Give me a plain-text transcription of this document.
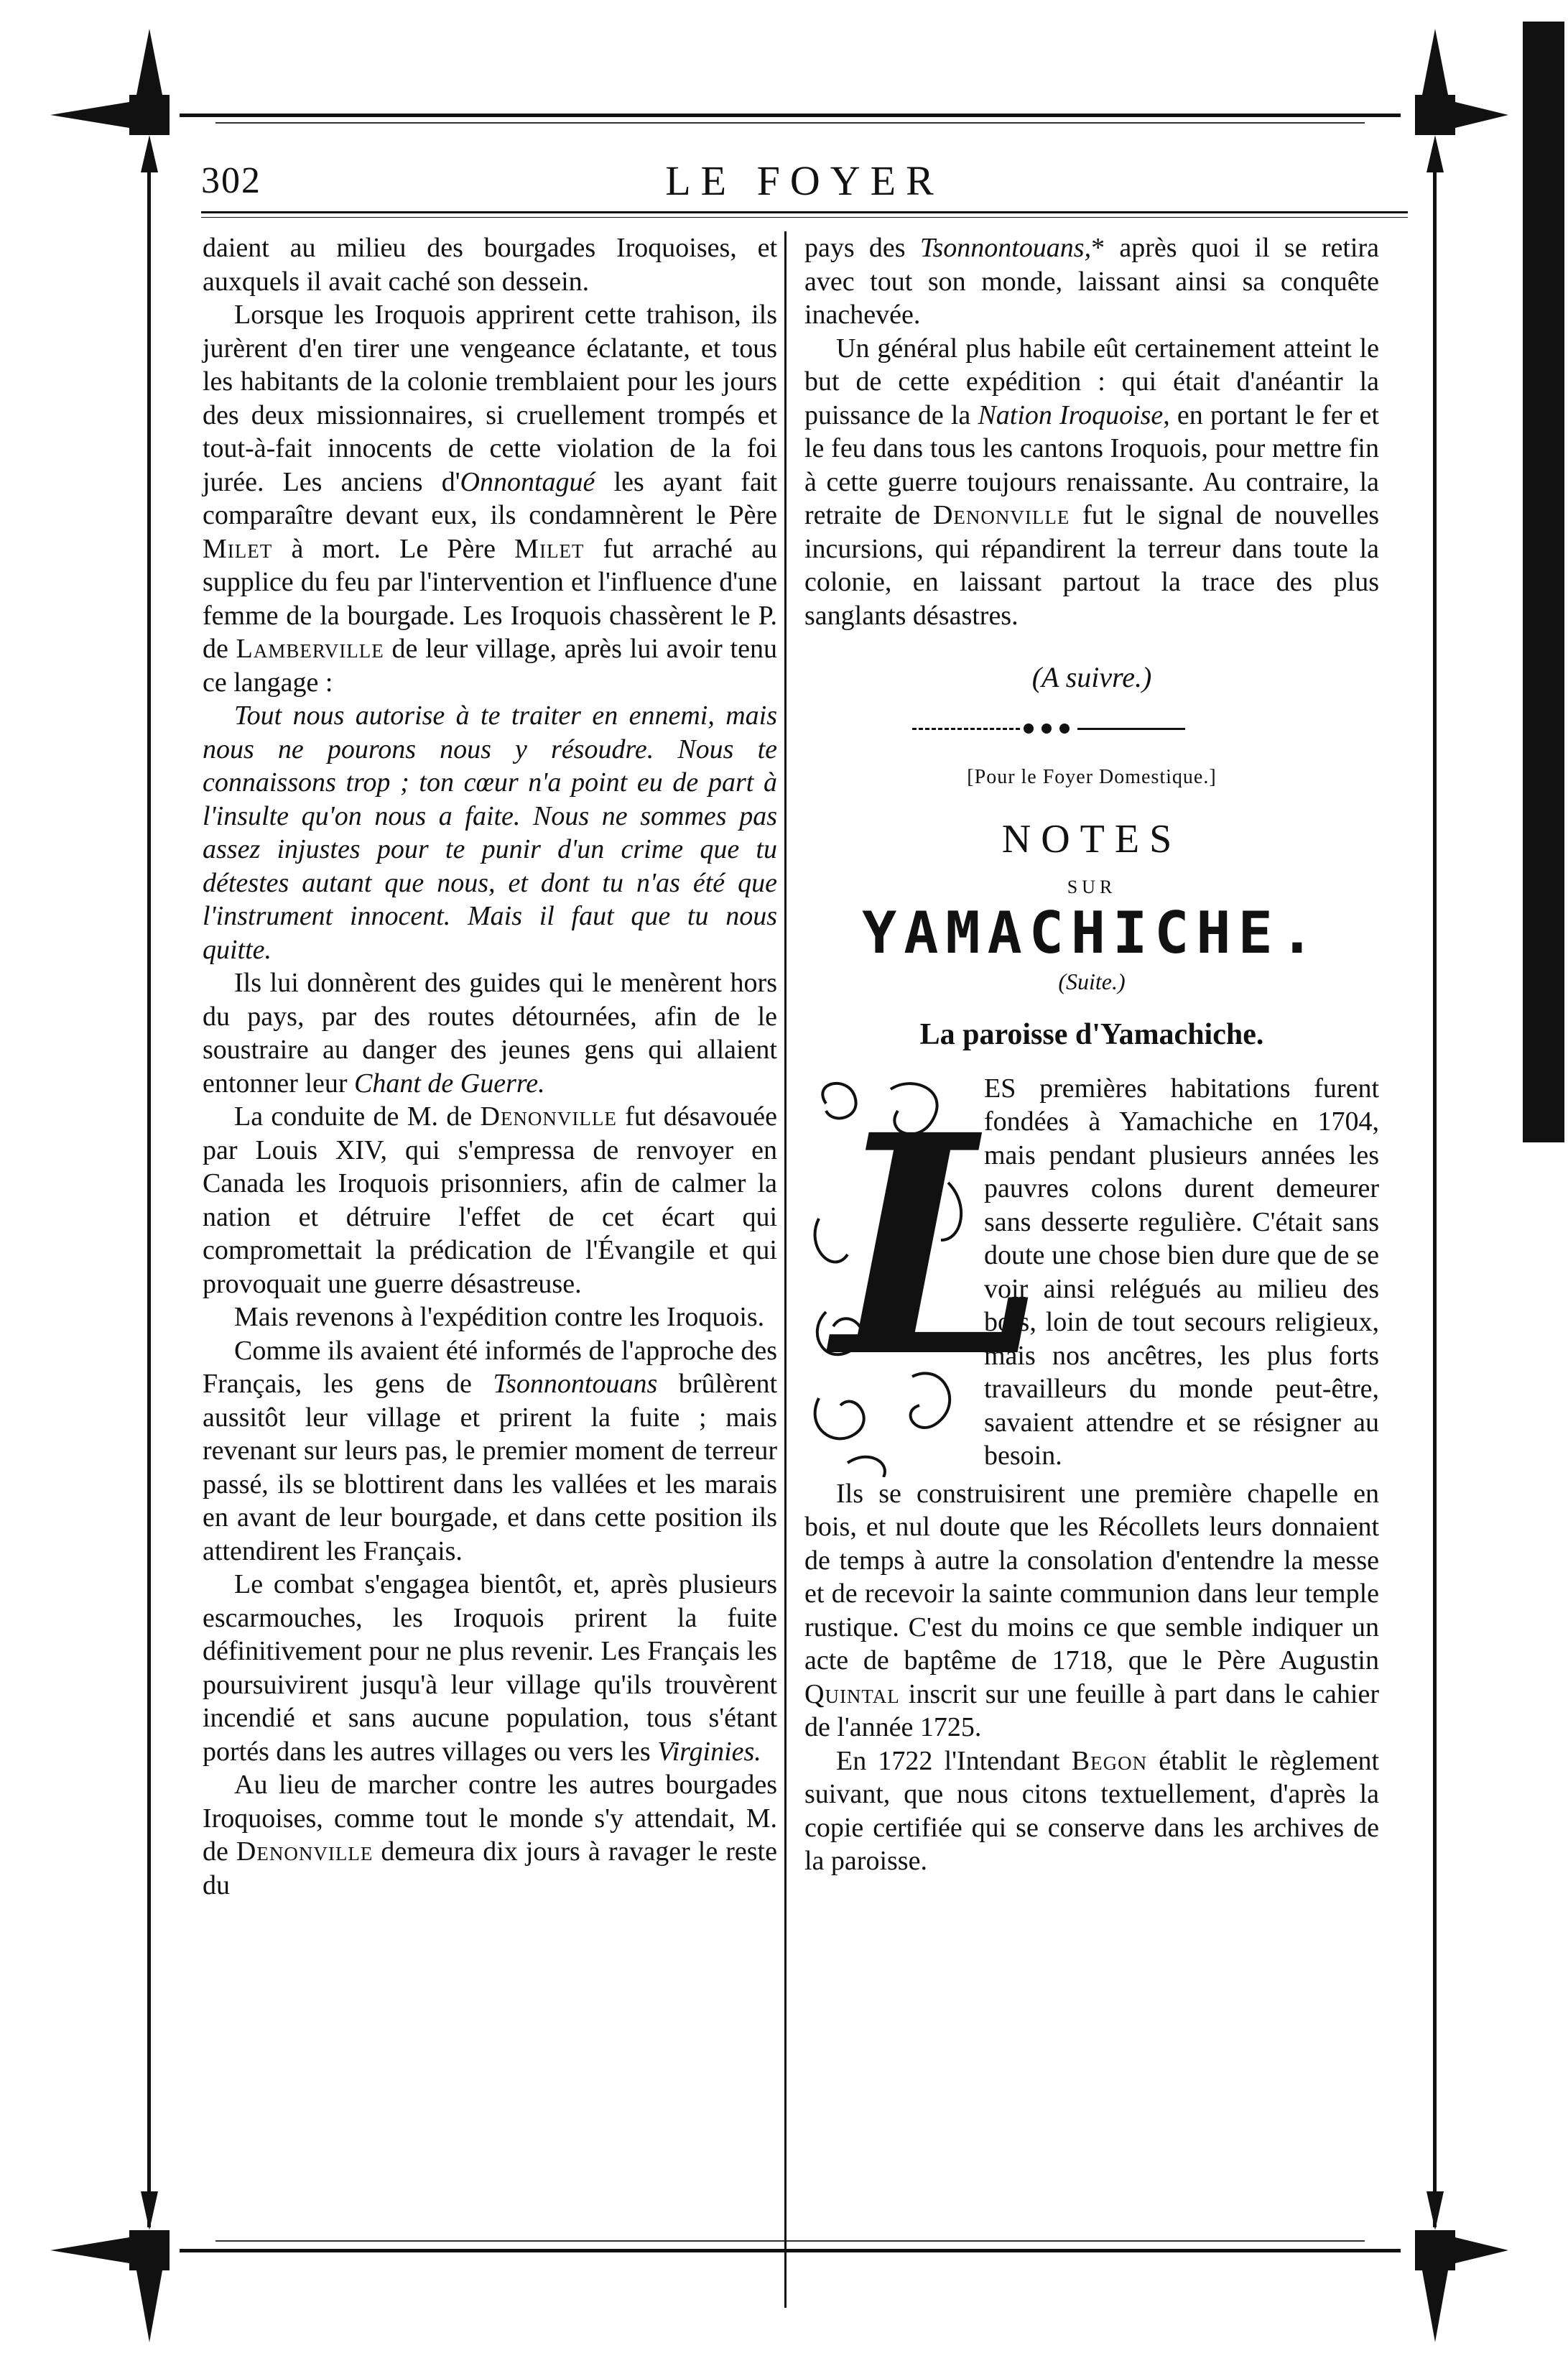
302	LE FOYER

daient au milieu des bourgades Iroquoises, et auxquels il avait caché son dessein.

Lorsque les Iroquois apprirent cette trahison, ils jurèrent d'en tirer une vengeance éclatante, et tous les habitants de la colonie tremblaient pour les jours des deux missionnaires, si cruellement trompés et tout-à-fait innocents de cette violation de la foi jurée. Les anciens d'Onnontagué les ayant fait comparaître devant eux, ils condamnèrent le Père Milet à mort. Le Père Milet fut arraché au supplice du feu par l'intervention et l'influence d'une femme de la bourgade. Les Iroquois chassèrent le P. de Lamberville de leur village, après lui avoir tenu ce langage :

Tout nous autorise à te traiter en ennemi, mais nous ne pourons nous y résoudre. Nous te connaissons trop ; ton cœur n'a point eu de part à l'insulte qu'on nous a faite. Nous ne sommes pas assez injustes pour te punir d'un crime que tu détestes autant que nous, et dont tu n'as été que l'instrument innocent. Mais il faut que tu nous quitte.

Ils lui donnèrent des guides qui le menèrent hors du pays, par des routes détournées, afin de le soustraire au danger des jeunes gens qui allaient entonner leur Chant de Guerre.

La conduite de M. de Denonville fut désavouée par Louis XIV, qui s'empressa de renvoyer en Canada les Iroquois prisonniers, afin de calmer la nation et détruire l'effet de cet écart qui compromettait la prédication de l'Évangile et qui provoquait une guerre désastreuse.

Mais revenons à l'expédition contre les Iroquois.

Comme ils avaient été informés de l'approche des Français, les gens de Tsonnontouans brûlèrent aussitôt leur village et prirent la fuite ; mais revenant sur leurs pas, le premier moment de terreur passé, ils se blottirent dans les vallées et les marais en avant de leur bourgade, et dans cette position ils attendirent les Français.

Le combat s'engagea bientôt, et, après plusieurs escarmouches, les Iroquois prirent la fuite définitivement pour ne plus revenir. Les Français les poursuivirent jusqu'à leur village qu'ils trouvèrent incendié et sans aucune population, tous s'étant portés dans les autres villages ou vers les Virginies.

Au lieu de marcher contre les autres bourgades Iroquoises, comme tout le monde s'y attendait, M. de Denonville demeura dix jours à ravager le reste du

pays des Tsonnontouans,* après quoi il se retira avec tout son monde, laissant ainsi sa conquête inachevée.

Un général plus habile eût certainement atteint le but de cette expédition : qui était d'anéantir la puissance de la Nation Iroquoise, en portant le fer et le feu dans tous les cantons Iroquois, pour mettre fin à cette guerre toujours renaissante. Au contraire, la retraite de Denonville fut le signal de nouvelles incursions, qui répandirent la terreur dans toute la colonie, en laissant partout la trace des plus sanglants désastres.

(A suivre.)

[Pour le Foyer Domestique.]

NOTES

SUR

YAMACHICHE.

(Suite.)

La paroisse d'Yamachiche.

L

ES premières habitations furent fondées à Yamachiche en 1704, mais pendant plusieurs années les pauvres colons durent demeurer sans desserte regulière. C'était sans doute une chose bien dure que de se voir ainsi relégués au milieu des bois, loin de tout secours religieux, mais nos ancêtres, les plus forts travailleurs du monde peut-être, savaient attendre et se résigner au besoin.

Ils se construisirent une première chapelle en bois, et nul doute que les Récollets leurs donnaient de temps à autre la consolation d'entendre la messe et de recevoir la sainte communion dans leur temple rustique. C'est du moins ce que semble indiquer un acte de baptême de 1718, que le Père Augustin Quintal inscrit sur une feuille à part dans le cahier de l'année 1725.

En 1722 l'Intendant Begon établit le règlement suivant, que nous citons textuellement, d'après la copie certifiée qui se conserve dans les archives de la paroisse.
